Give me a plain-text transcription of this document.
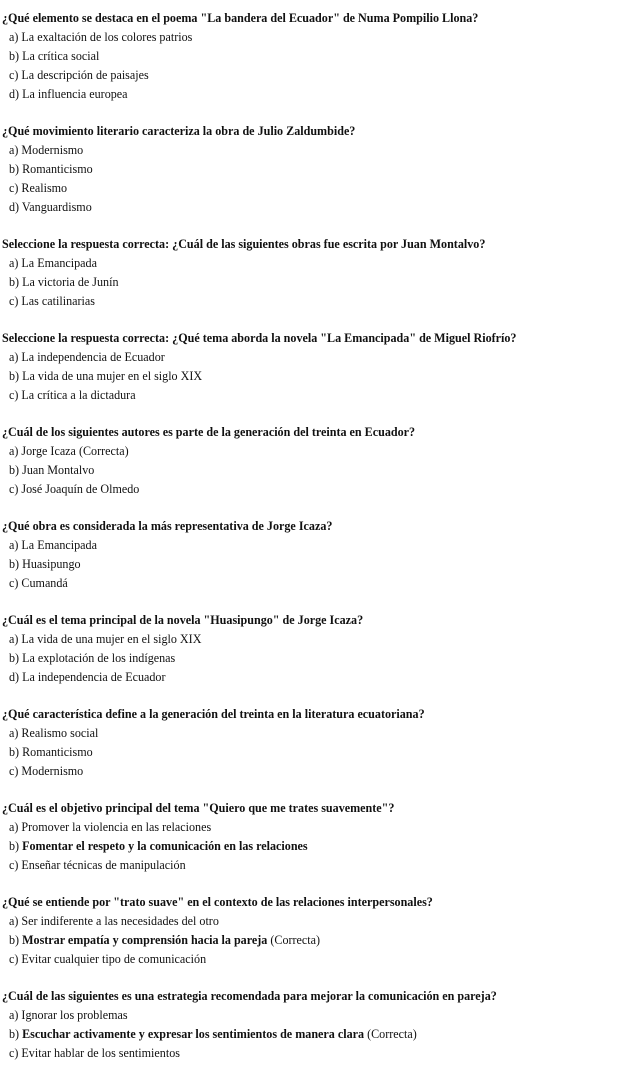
¿Qué elemento se destaca en el poema "La bandera del Ecuador" de Numa Pompilio Llona?
a) La exaltación de los colores patrios
b) La crítica social
c) La descripción de paisajes
d) La influencia europea
¿Qué movimiento literario caracteriza la obra de Julio Zaldumbide?
a) Modernismo
b) Romanticismo
c) Realismo
d) Vanguardismo
Seleccione la respuesta correcta: ¿Cuál de las siguientes obras fue escrita por Juan Montalvo?
a) La Emancipada
b) La victoria de Junín
c) Las catilinarias
Seleccione la respuesta correcta: ¿Qué tema aborda la novela "La Emancipada" de Miguel Riofrío?
a) La independencia de Ecuador
b) La vida de una mujer en el siglo XIX
c) La crítica a la dictadura
¿Cuál de los siguientes autores es parte de la generación del treinta en Ecuador?
a) Jorge Icaza (Correcta)
b) Juan Montalvo
c) José Joaquín de Olmedo
¿Qué obra es considerada la más representativa de Jorge Icaza?
a) La Emancipada
b) Huasipungo
c) Cumandá
¿Cuál es el tema principal de la novela "Huasipungo" de Jorge Icaza?
a) La vida de una mujer en el siglo XIX
b) La explotación de los indígenas
d) La independencia de Ecuador
¿Qué característica define a la generación del treinta en la literatura ecuatoriana?
a) Realismo social
b) Romanticismo
c) Modernismo
¿Cuál es el objetivo principal del tema "Quiero que me trates suavemente"?
a) Promover la violencia en las relaciones
b) Fomentar el respeto y la comunicación en las relaciones
c) Enseñar técnicas de manipulación
¿Qué se entiende por "trato suave" en el contexto de las relaciones interpersonales?
a) Ser indiferente a las necesidades del otro
b) Mostrar empatía y comprensión hacia la pareja (Correcta)
c) Evitar cualquier tipo de comunicación
¿Cuál de las siguientes es una estrategia recomendada para mejorar la comunicación en pareja?
a) Ignorar los problemas
b) Escuchar activamente y expresar los sentimientos de manera clara (Correcta)
c) Evitar hablar de los sentimientos
